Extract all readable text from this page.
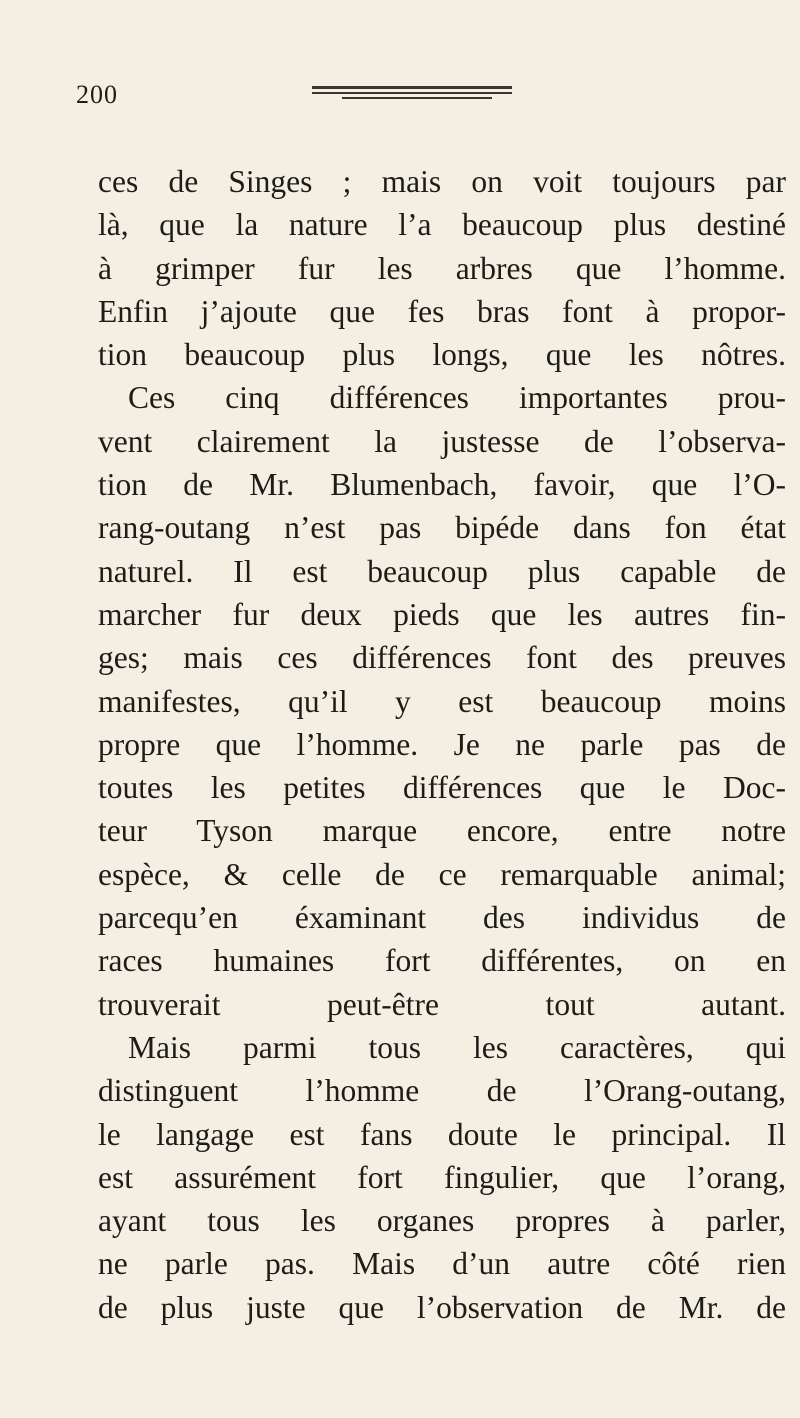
200
ces de Singes ; mais on voit toujours par
là, que la nature l’a beaucoup plus destiné
à grimper fur les arbres que l’homme.
Enfin j’ajoute que fes bras font à propor-
tion beaucoup plus longs, que les nôtres.
Ces cinq différences importantes prou-
vent clairement la justesse de l’observa-
tion de Mr. Blumenbach, favoir, que l’O-
rang-outang n’est pas bipéde dans fon état
naturel. Il est beaucoup plus capable de
marcher fur deux pieds que les autres fin-
ges; mais ces différences font des preuves
manifestes, qu’il y est beaucoup moins
propre que l’homme. Je ne parle pas de
toutes les petites différences que le Doc-
teur Tyson marque encore, entre notre
espèce, & celle de ce remarquable animal;
parcequ’en éxaminant des individus de
races humaines fort différentes, on en
trouverait peut-être tout autant.
Mais parmi tous les caractères, qui
distinguent l’homme de l’Orang-outang,
le langage est fans doute le principal. Il
est assurément fort fingulier, que l’orang,
ayant tous les organes propres à parler,
ne parle pas. Mais d’un autre côté rien
de plus juste que l’observation de Mr. de
